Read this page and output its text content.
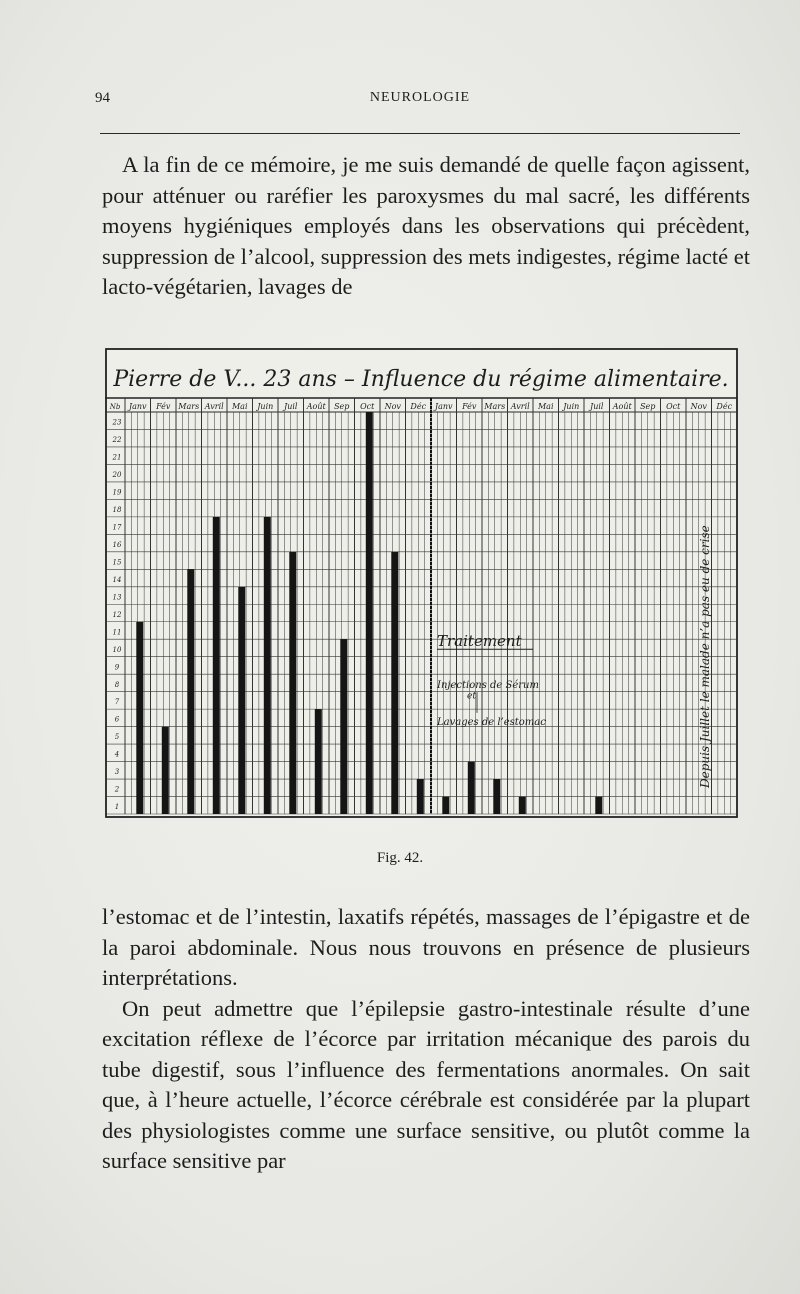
94	NEUROLOGIE

A la fin de ce mémoire, je me suis demandé de quelle façon agissent, pour atténuer ou raréfier les paroxysmes du mal sacré, les différents moyens hygiéniques employés dans les observations qui précèdent, suppression de l’alcool, suppression des mets indigestes, régime lacté et lacto-végétarien, lavages de

Nb Janv Fév Mars Avril Mai Juin Juil Août Sep Oct Nov Déc Janv Fév Mars Avril Mai Juin Juil Août Sep Oct Nov Déc
1
2
3
4
5
6
7
8
9
10
11
12
13
14
15
16
17
18
19
20
21
22
23
Pierre de V... 23 ans – Influence du régime alimentaire.
Traitement
Injections de Sérum
et
Lavages de l’estomac	Depuis Juillet le malade n’a pas eu de crise
Fig. 42.

l’estomac et de l’intestin, laxatifs répétés, massages de l’épigastre et de la paroi abdominale. Nous nous trouvons en présence de plusieurs interprétations.

On peut admettre que l’épilepsie gastro-intestinale résulte d’une excitation réflexe de l’écorce par irritation mécanique des parois du tube digestif, sous l’influence des fermentations anormales. On sait que, à l’heure actuelle, l’écorce cérébrale est considérée par la plupart des physiologistes comme une surface sensitive, ou plutôt comme la surface sensitive par
